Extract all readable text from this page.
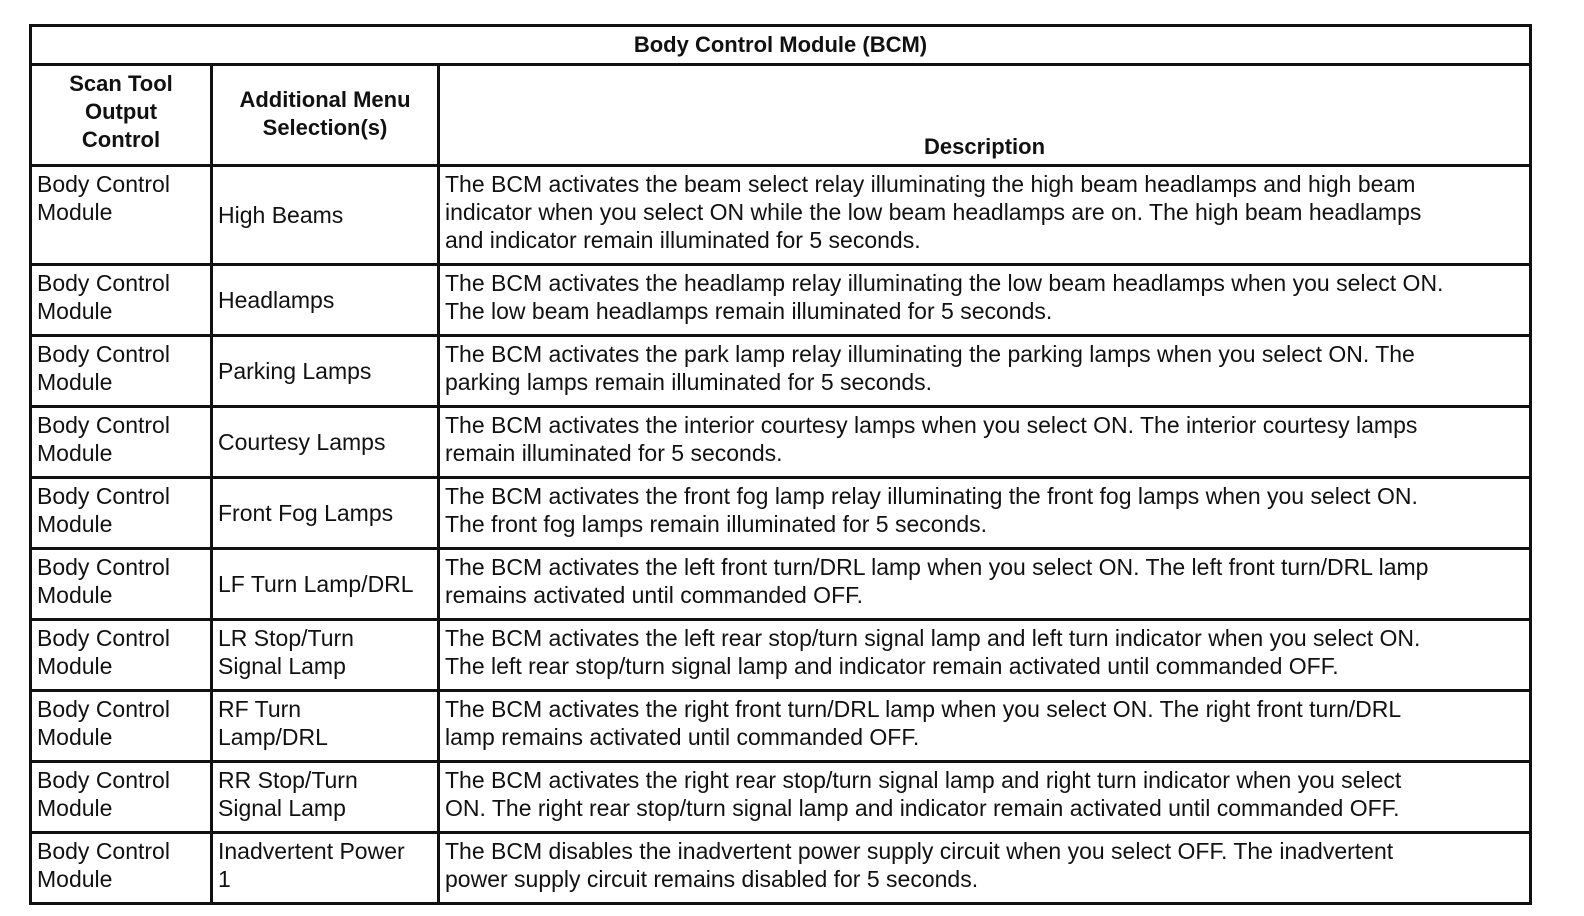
Body Control Module (BCM)		
Scan Tool
Output
Control	Additional Menu
Selection(s)	Description
Body Control
Module	High Beams	The BCM activates the beam select relay illuminating the high beam headlamps and high beam
indicator when you select ON while the low beam headlamps are on. The high beam headlamps
and indicator remain illuminated for 5 seconds.
Body Control
Module	Headlamps	The BCM activates the headlamp relay illuminating the low beam headlamps when you select ON.
The low beam headlamps remain illuminated for 5 seconds.
Body Control
Module	Parking Lamps	The BCM activates the park lamp relay illuminating the parking lamps when you select ON. The
parking lamps remain illuminated for 5 seconds.
Body Control
Module	Courtesy Lamps	The BCM activates the interior courtesy lamps when you select ON. The interior courtesy lamps
remain illuminated for 5 seconds.
Body Control
Module	Front Fog Lamps	The BCM activates the front fog lamp relay illuminating the front fog lamps when you select ON.
The front fog lamps remain illuminated for 5 seconds.
Body Control
Module	LF Turn Lamp/DRL	The BCM activates the left front turn/DRL lamp when you select ON. The left front turn/DRL lamp
remains activated until commanded OFF.
Body Control
Module	LR Stop/Turn
Signal Lamp	The BCM activates the left rear stop/turn signal lamp and left turn indicator when you select ON.
The left rear stop/turn signal lamp and indicator remain activated until commanded OFF.
Body Control
Module	RF Turn
Lamp/DRL	The BCM activates the right front turn/DRL lamp when you select ON. The right front turn/DRL
lamp remains activated until commanded OFF.
Body Control
Module	RR Stop/Turn
Signal Lamp	The BCM activates the right rear stop/turn signal lamp and right turn indicator when you select
ON. The right rear stop/turn signal lamp and indicator remain activated until commanded OFF.
Body Control
Module	Inadvertent Power
1	The BCM disables the inadvertent power supply circuit when you select OFF. The inadvertent
power supply circuit remains disabled for 5 seconds.
